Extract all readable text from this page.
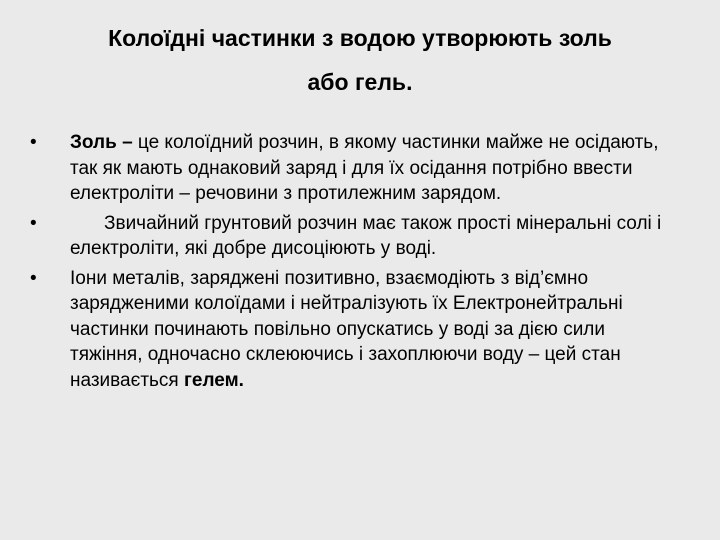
Колоїдні частинки з водою утворюють золь
або гель.
•	Золь – це колоїдний розчин, в якому частинки майже не осідають, так як мають однаковий заряд і для їх осідання потрібно ввести електроліти – речовини з протилежним зарядом.
•	Звичайний грунтовий розчин має також прості мінеральні солі і електроліти, які добре дисоціюють у воді.
•	Іони металів, заряджені позитивно, взаємодіють з від’ємно зарядженими колоїдами і нейтралізують їх Електронейтральні частинки починають повільно опускатись у воді за дією сили тяжіння, одночасно склеюючись і захоплюючи воду – цей стан називається гелем.
